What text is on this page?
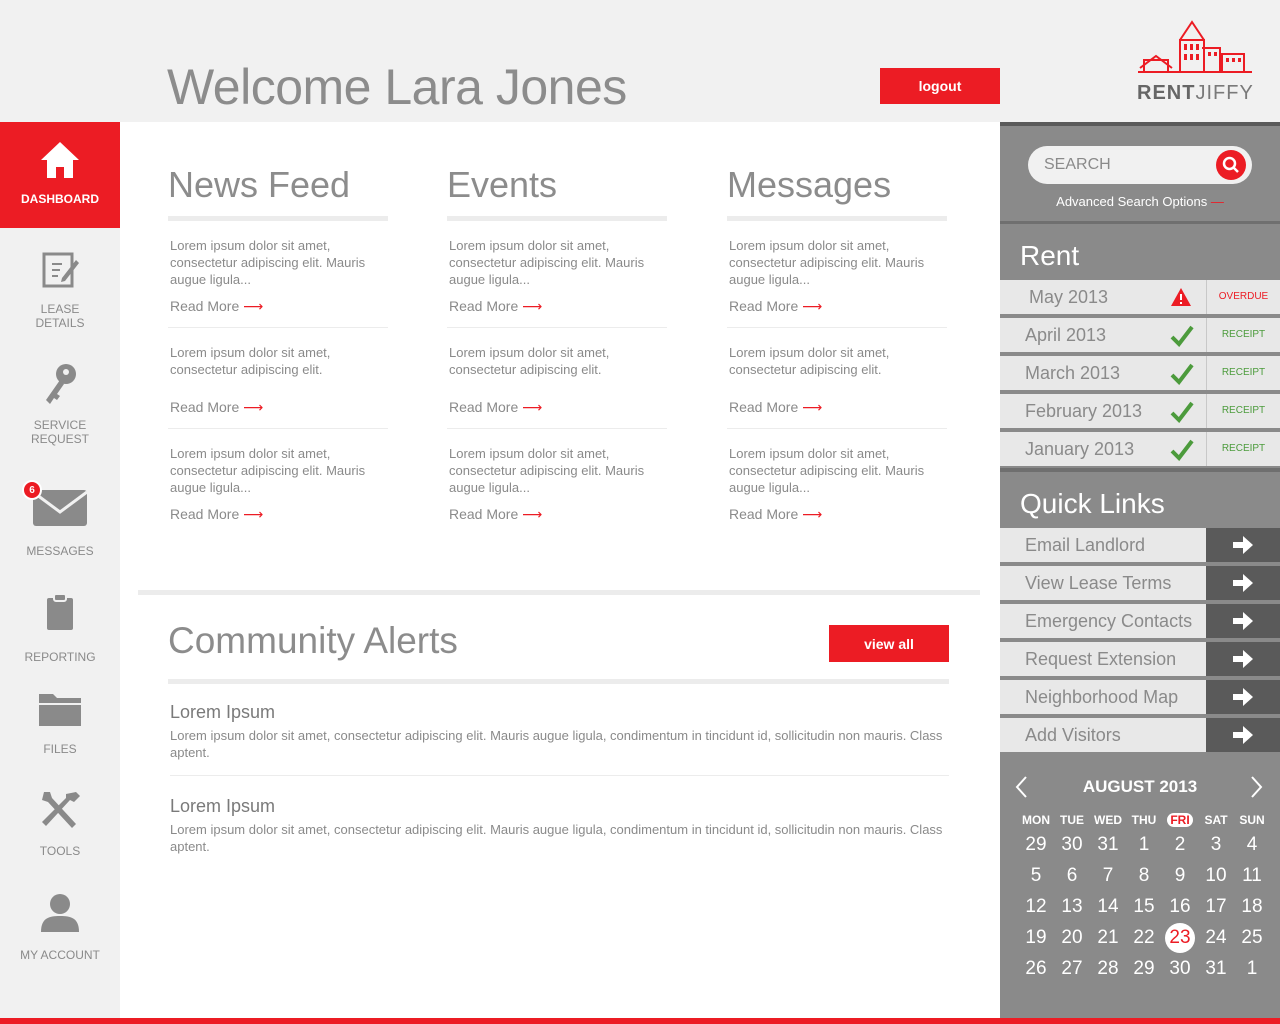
Welcome Lara Jones	logout	RENTJIFFY
DASHBOARD
LEASE
DETAILS
SERVICE
REQUEST
6
MESSAGES
REPORTING
FILES
TOOLS
MY ACCOUNT
News Feed

Lorem ipsum dolor sit amet, consectetur adipiscing elit. Mauris augue ligula...

Read More ⟶

Lorem ipsum dolor sit amet, consectetur adipiscing elit.

Read More ⟶

Lorem ipsum dolor sit amet, consectetur adipiscing elit. Mauris augue ligula...

Read More ⟶
Events

Lorem ipsum dolor sit amet, consectetur adipiscing elit. Mauris augue ligula...

Read More ⟶

Lorem ipsum dolor sit amet, consectetur adipiscing elit.

Read More ⟶

Lorem ipsum dolor sit amet, consectetur adipiscing elit. Mauris augue ligula...

Read More ⟶
Messages

Lorem ipsum dolor sit amet, consectetur adipiscing elit. Mauris augue ligula...

Read More ⟶

Lorem ipsum dolor sit amet, consectetur adipiscing elit.

Read More ⟶

Lorem ipsum dolor sit amet, consectetur adipiscing elit. Mauris augue ligula...

Read More ⟶
Community Alerts	view all
Lorem Ipsum

Lorem ipsum dolor sit amet, consectetur adipiscing elit. Mauris augue ligula, condimentum in tincidunt id, sollicitudin non mauris. Class aptent.

Lorem Ipsum

Lorem ipsum dolor sit amet, consectetur adipiscing elit. Mauris augue ligula, condimentum in tincidunt id, sollicitudin non mauris. Class aptent.

SEARCH
Advanced Search Options —
Rent
May 2013	OVERDUE
April 2013	RECEIPT
March 2013	RECEIPT
February 2013	RECEIPT
January 2013	RECEIPT
Quick Links
Email Landlord
View Lease Terms
Emergency Contacts
Request Extension
Neighborhood Map
Add Visitors
AUGUST 2013
MON	TUE	WED	THU	FRI	SAT	SUN
29	30	31	1	2	3	4
5	6	7	8	9	10	11
12	13	14	15	16	17	18
19	20	21	22	23	24	25
26	27	28	29	30	31	1
